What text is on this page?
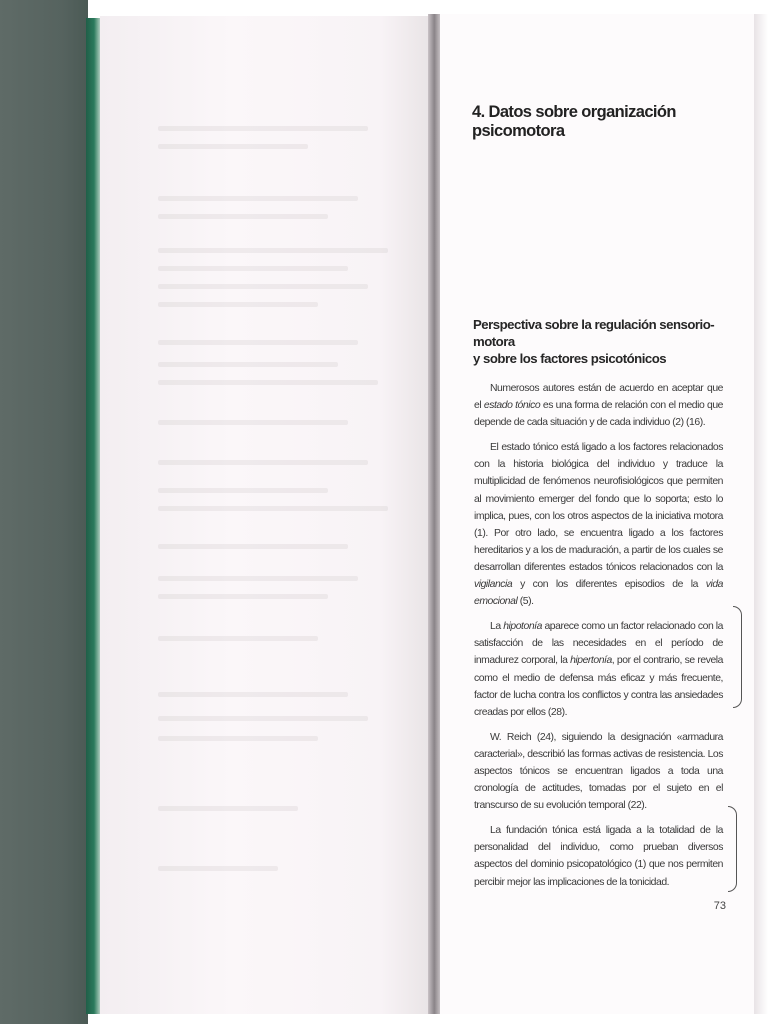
4. Datos sobre organización psicomotora
Perspectiva sobre la regulación sensorio-motora
y sobre los factores psicotónicos

Numerosos autores están de acuerdo en aceptar que el estado tónico es una forma de relación con el medio que depende de cada situación y de cada individuo (2) (16).

El estado tónico está ligado a los factores relacionados con la historia biológica del individuo y traduce la multiplicidad de fenómenos neurofisiológicos que permiten al movimiento emerger del fondo que lo soporta; esto lo implica, pues, con los otros aspectos de la iniciativa motora (1). Por otro lado, se encuentra ligado a los factores hereditarios y a los de maduración, a partir de los cuales se desarrollan diferentes estados tónicos relacionados con la vigilancia y con los diferentes episodios de la vida emocional (5).

La hipotonía aparece como un factor relacionado con la satisfacción de las necesidades en el período de inmadurez corporal, la hipertonía, por el contrario, se revela como el medio de defensa más eficaz y más frecuente, factor de lucha contra los conflictos y contra las ansiedades creadas por ellos (28).

W. Reich (24), siguiendo la designación «armadura caracterial», describió las formas activas de resistencia. Los aspectos tónicos se encuentran ligados a toda una cronología de actitudes, tomadas por el sujeto en el transcurso de su evolución temporal (22).

La fundación tónica está ligada a la totalidad de la personalidad del individuo, como prueban diversos aspectos del dominio psicopatológico (1) que nos permiten percibir mejor las implicaciones de la tonicidad.

73
